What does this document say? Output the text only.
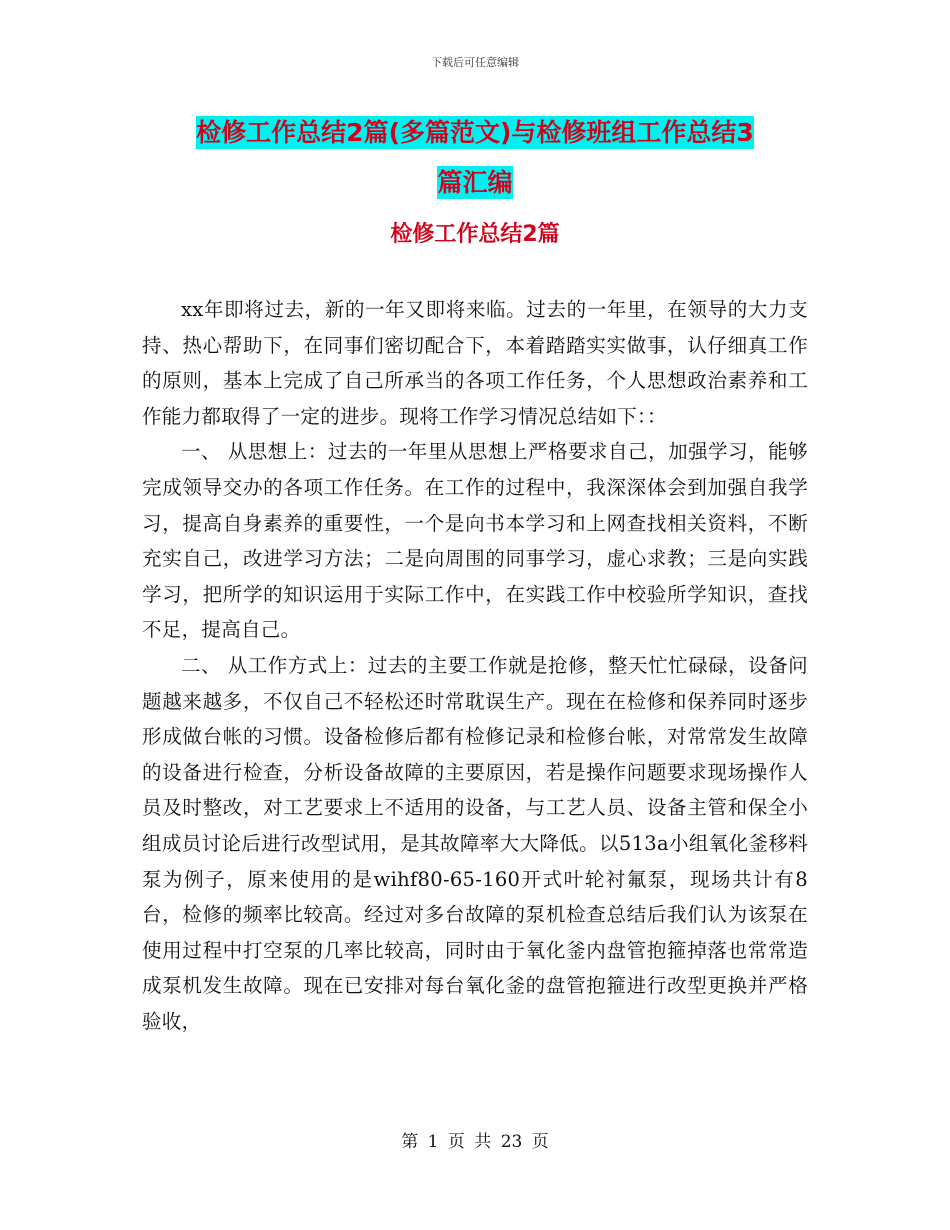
下载后可任意编辑
检修工作总结2篇(多篇范文)与检修班组工作总结3
篇汇编
检修工作总结2篇

xx年即将过去，新的一年又即将来临。过去的一年里，在领导的大力支持、热心帮助下，在同事们密切配合下，本着踏踏实实做事，认仔细真工作的原则，基本上完成了自己所承当的各项工作任务，个人思想政治素养和工作能力都取得了一定的进步。现将工作学习情况总结如下：：

一、 从思想上：过去的一年里从思想上严格要求自己，加强学习，能够完成领导交办的各项工作任务。在工作的过程中，我深深体会到加强自我学习，提高自身素养的重要性，一个是向书本学习和上网查找相关资料，不断充实自己，改进学习方法；二是向周围的同事学习，虚心求教；三是向实践学习，把所学的知识运用于实际工作中，在实践工作中校验所学知识，查找不足，提高自己。

二、 从工作方式上：过去的主要工作就是抢修，整天忙忙碌碌，设备问题越来越多，不仅自己不轻松还时常耽误生产。现在在检修和保养同时逐步形成做台帐的习惯。设备检修后都有检修记录和检修台帐，对常常发生故障的设备进行检查，分析设备故障的主要原因，若是操作问题要求现场操作人员及时整改，对工艺要求上不适用的设备，与工艺人员、设备主管和保全小组成员讨论后进行改型试用，是其故障率大大降低。以513a小组氧化釜移料泵为例子，原来使用的是wihf80-65-160开式叶轮衬氟泵，现场共计有8台，检修的频率比较高。经过对多台故障的泵机检查总结后我们认为该泵在使用过程中打空泵的几率比较高，同时由于氧化釜内盘管抱箍掉落也常常造成泵机发生故障。现在已安排对每台氧化釜的盘管抱箍进行改型更换并严格验收，

第 1 页 共 23 页
